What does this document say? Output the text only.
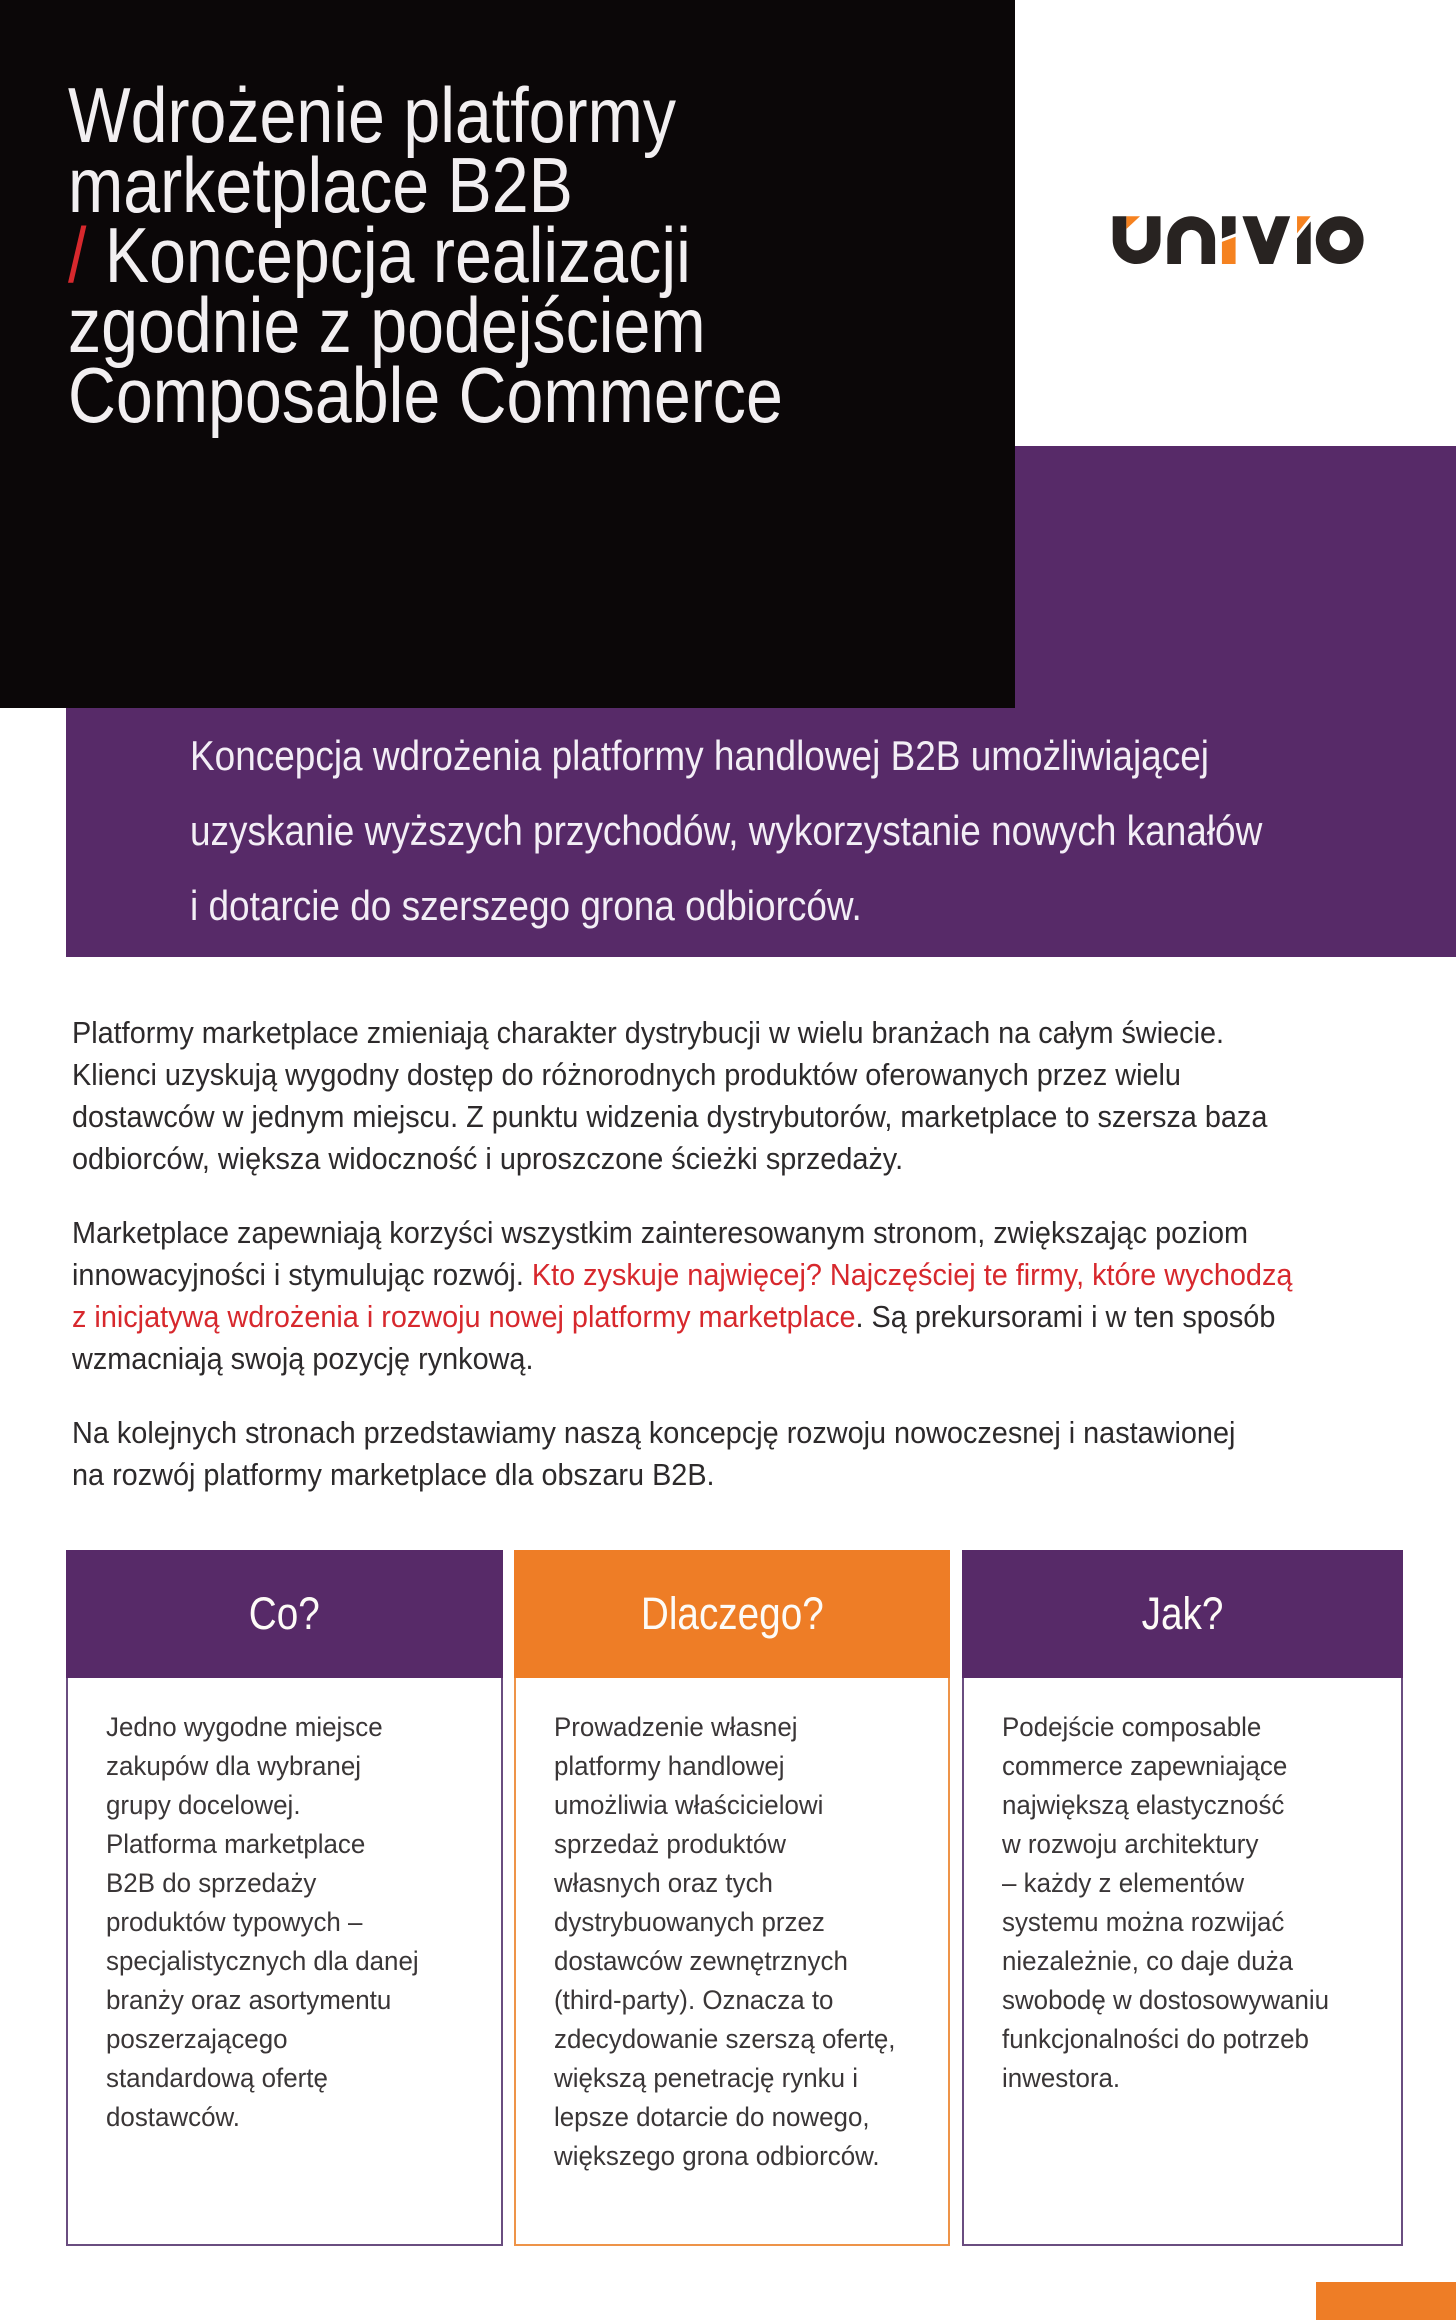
Koncepcja wdrożenia platformy handlowej B2B umożliwiającej
uzyskanie wyższych przychodów, wykorzystanie nowych kanałów
i dotarcie do szerszego grona odbiorców.

Wdrożenie platformy
marketplace B2B
/ Koncepcja realizacji
zgodnie z podejściem
Composable Commerce

Platformy marketplace zmieniają charakter dystrybucji w wielu branżach na całym świecie.
Klienci uzyskują wygodny dostęp do różnorodnych produktów oferowanych przez wielu
dostawców w jednym miejscu. Z punktu widzenia dystrybutorów, marketplace to szersza baza
odbiorców, większa widoczność i uproszczone ścieżki sprzedaży.

Marketplace zapewniają korzyści wszystkim zainteresowanym stronom, zwiększając poziom
innowacyjności i stymulując rozwój. Kto zyskuje najwięcej? Najczęściej te firmy, które wychodzą
z inicjatywą wdrożenia i rozwoju nowej platformy marketplace. Są prekursorami i w ten sposób
wzmacniają swoją pozycję rynkową.

Na kolejnych stronach przedstawiamy naszą koncepcję rozwoju nowoczesnej i nastawionej
na rozwój platformy marketplace dla obszaru B2B.

Co?
Jedno wygodne miejsce
zakupów dla wybranej
grupy docelowej.
Platforma marketplace
B2B do sprzedaży
produktów typowych –
specjalistycznych dla danej
branży oraz asortymentu
poszerzającego
standardową ofertę
dostawców.
Dlaczego?
Prowadzenie własnej
platformy handlowej
umożliwia właścicielowi
sprzedaż produktów
własnych oraz tych
dystrybuowanych przez
dostawców zewnętrznych
(third-party). Oznacza to
zdecydowanie szerszą ofertę,
większą penetrację rynku i
lepsze dotarcie do nowego,
większego grona odbiorców.
Jak?
Podejście composable
commerce zapewniające
największą elastyczność
w rozwoju architektury
– każdy z elementów
systemu można rozwijać
niezależnie, co daje duża
swobodę w dostosowywaniu
funkcjonalności do potrzeb
inwestora.
